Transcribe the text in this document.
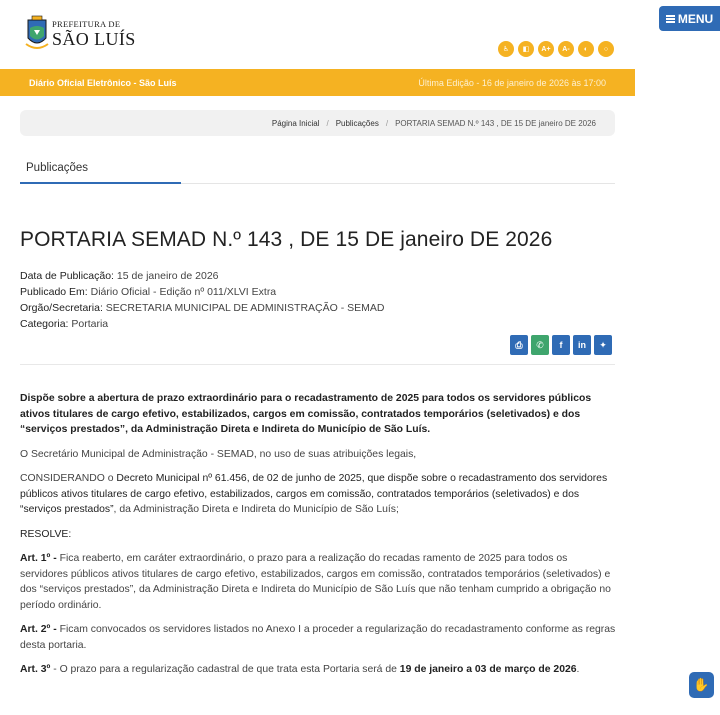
PREFEITURA DE
SÃO LUÍS
♿	◧	A+	A-	◐	○
MENU
Diário Oficial Eletrônico - São Luís	Última Edição - 16 de janeiro de 2026 às 17:00
Página Inicial / Publicações / PORTARIA SEMAD N.º 143 , DE 15 DE janeiro DE 2026
Publicações
PORTARIA SEMAD N.º 143 , DE 15 DE janeiro DE 2026
Data de Publicação: 15 de janeiro de 2026
Publicado Em: Diário Oficial - Edição nº 011/XLVI Extra
Orgão/Secretaria: SECRETARIA MUNICIPAL DE ADMINISTRAÇÃO - SEMAD
Categoria: Portaria
⎙	✆	f	in	✦

Dispõe sobre a abertura de prazo extraordinário para o recadastramento de 2025 para todos os servidores públicos ativos titulares de cargo efetivo, estabilizados, cargos em comissão, contratados temporários (seletivados) e dos “serviços prestados”, da Administração Direta e Indireta do Município de São Luís.

O Secretário Municipal de Administração - SEMAD, no uso de suas atribuições legais,

CONSIDERANDO o Decreto Municipal nº 61.456, de 02 de junho de 2025, que dispõe sobre o recadastramento dos servidores públicos ativos titulares de cargo efetivo, estabilizados, cargos em comissão, contratados temporários (seletivados) e dos “serviços prestados”, da Administração Direta e Indireta do Município de São Luís;

RESOLVE:

Art. 1º - Fica reaberto, em caráter extraordinário, o prazo para a realização do recadas ramento de 2025 para todos os servidores públicos ativos titulares de cargo efetivo, estabilizados, cargos em comissão, contratados temporários (seletivados) e dos “serviços prestados”, da Administração Direta e Indireta do Município de São Luís que não tenham cumprido a obrigação no período ordinário.

Art. 2º - Ficam convocados os servidores listados no Anexo I a proceder a regularização do recadastramento conforme as regras desta portaria.

Art. 3º - O prazo para a regularização cadastral de que trata esta Portaria será de 19 de janeiro a 03 de março de 2026.

✋
